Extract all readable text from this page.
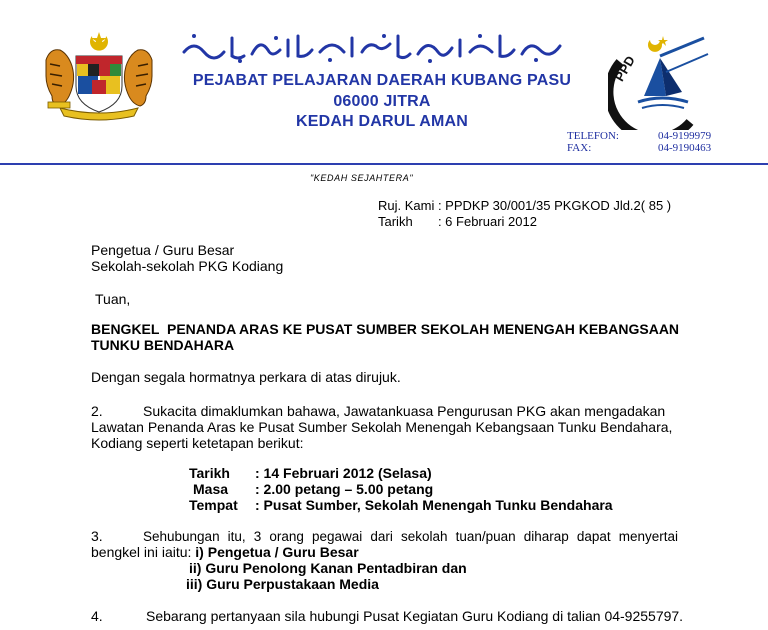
PEJABAT PELAJARAN DAERAH KUBANG PASU
06000 JITRA
KEDAH DARUL AMAN
PPD
TELEFON:	04-9199979
FAX:	04-9190463
"KEDAH SEJAHTERA"
Ruj. Kami : PPDKP 30/001/35 PKGKOD Jld.2( 85 )
Tarikh       : 6 Februari 2012
Pengetua / Guru Besar
Sekolah-sekolah PKG Kodiang
Tuan,
BENGKEL  PENANDA ARAS KE PUSAT SUMBER SEKOLAH MENENGAH KEBANGSAAN
TUNKU BENDAHARA
Dengan segala hormatnya perkara di atas dirujuk.
2.	Sukacita dimaklumkan bahawa, Jawatankuasa Pengurusan PKG akan mengadakan
Lawatan Penanda Aras ke Pusat Sumber Sekolah Menengah Kebangsaan Tunku Bendahara,
Kodiang seperti ketetapan berikut:
Tarikh : 14 Februari 2012 (Selasa)
Masa : 2.00 petang – 5.00 petang
Tempat : Pusat Sumber, Sekolah Menengah Tunku Bendahara
3.	Sehubungan itu, 3 orang pegawai dari sekolah tuan/puan diharap dapat menyertai
bengkel ini iaitu: i) Pengetua / Guru Besar
ii) Guru Penolong Kanan Pentadbiran dan
iii) Guru Perpustakaan Media
4.	Sebarang pertanyaan sila hubungi Pusat Kegiatan Guru Kodiang di talian 04-9255797.
